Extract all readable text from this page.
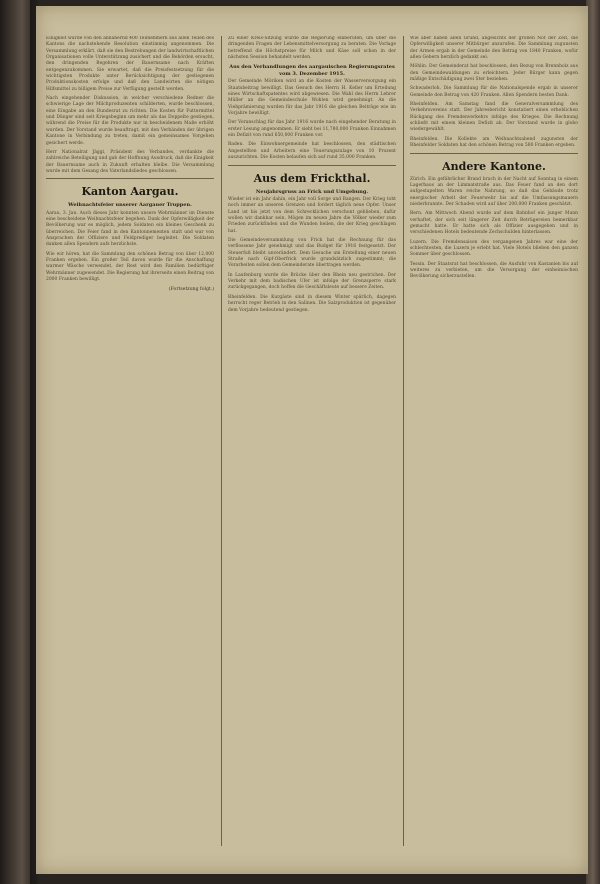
Einigkeit wurde von den annähernd 400 Teilnehmern aus allen Teilen des Kantons die nachstehende Resolution einstimmig angenommen. Die Versammlung erklärt, daß sie den Bestrebungen der landwirtschaftlichen Organisationen volle Unterstützung zusichert und die Behörden ersucht, den dringenden Begehren der Bauernsame nach Kräften entgegenzukommen. Sie erwartet, daß die Preisfestsetzung für die wichtigsten Produkte unter Berücksichtigung der gestiegenen Produktionskosten erfolge und daß den Landwirten die nötigen Hilfsmittel zu billigem Preise zur Verfügung gestellt werden.

Nach eingehender Diskussion, in welcher verschiedene Redner die schwierige Lage der Milchproduzenten schilderten, wurde beschlossen, eine Eingabe an den Bundesrat zu richten. Die Kosten für Futtermittel und Dünger sind seit Kriegsbeginn um mehr als das Doppelte gestiegen, während die Preise für die Produkte nur in bescheidenem Maße erhöht wurden. Der Vorstand wurde beauftragt, mit den Verbänden der übrigen Kantone in Verbindung zu treten, damit ein gemeinsames Vorgehen gesichert werde.

Herr Nationalrat Jäggi, Präsident des Verbandes, verdankte die zahlreiche Beteiligung und gab der Hoffnung Ausdruck, daß die Einigkeit der Bauernsame auch in Zukunft erhalten bleibe. Die Versammlung wurde mit dem Gesang des Vaterlandsliedes geschlossen.

Kanton Aargau.
Weihnachtsfeier unserer Aargauer Truppen.

Aarau, 3. Jan. Auch dieses Jahr konnten unsere Wehrmänner im Dienste eine bescheidene Weihnachtsfeier begehen. Dank der Opferwilligkeit der Bevölkerung war es möglich, jedem Soldaten ein kleines Geschenk zu überreichen. Die Feier fand in den Kantonnementen statt und war von Ansprachen der Offiziere und Feldprediger begleitet. Die Soldaten danken allen Spendern aufs herzlichste.

Wie wir hören, hat die Sammlung den schönen Betrag von über 12,000 Franken ergeben. Ein großer Teil davon wurde für die Anschaffung warmer Wäsche verwendet, der Rest wird den Familien bedürftiger Wehrmänner zugewendet. Die Regierung hat ihrerseits einen Beitrag von 2000 Franken bewilligt.

(Fortsetzung folgt.)

Zu einer Kreis-Sitzung wurde die Regierung einberufen, um über die dringenden Fragen der Lebensmittelversorgung zu beraten. Die Vorlage betreffend die Höchstpreise für Milch und Käse soll schon in der nächsten Session behandelt werden.

Aus den Verhandlungen des aargauischen Regierungsrates vom 3. Dezember 1915.

Der Gemeinde Möriken wird an die Kosten der Wasserversorgung ein Staatsbeitrag bewilligt. Das Gesuch des Herrn H. Keller um Erteilung eines Wirtschaftspatentes wird abgewiesen. Die Wahl des Herrn Lehrer Müller an die Gemeindeschule Wohlen wird genehmigt. An die Viehprämierung wurden für das Jahr 1916 die gleichen Beiträge wie im Vorjahre bewilligt.

Der Voranschlag für das Jahr 1916 wurde nach eingehender Beratung in erster Lesung angenommen. Er sieht bei 11,780,000 Franken Einnahmen ein Defizit von rund 650,000 Franken vor.

Baden. Die Einwohnergemeinde hat beschlossen, den städtischen Angestellten und Arbeitern eine Teuerungszulage von 10 Prozent auszurichten. Die Kosten belaufen sich auf rund 35,000 Franken.

Aus dem Frickthal.
Neujahrsgruss an Frick und Umgebung.

Wieder ist ein Jahr dahin, ein Jahr voll Sorge und Bangen. Der Krieg tobt noch immer an unseren Grenzen und fordert täglich neue Opfer. Unser Land ist bis jetzt von dem Schrecklichen verschont geblieben, dafür wollen wir dankbar sein. Mögen im neuen Jahre die Völker wieder zum Frieden zurückfinden und die Wunden heilen, die der Krieg geschlagen hat.

Die Gemeindeversammlung von Frick hat die Rechnung für das verflossene Jahr genehmigt und das Budget für 1916 festgesetzt. Der Steuerfuß bleibt unverändert. Dem Gesuche um Erstellung einer neuen Straße nach Gipf-Oberfrick wurde grundsätzlich zugestimmt; die Vorarbeiten sollen dem Gemeinderate übertragen werden.

In Laufenburg wurde die Brücke über den Rhein neu gestrichen. Der Verkehr mit dem badischen Ufer ist infolge der Grenzsperre stark zurückgegangen, doch hoffen die Geschäftsleute auf bessere Zeiten.

Rheinfelden. Die Kurgäste sind in diesem Winter spärlich, dagegen herrscht reger Betrieb in den Salinen. Die Salzproduktion ist gegenüber dem Vorjahre bedeutend gestiegen.

Wie aber haben allen Grund, angesichts der großen Not der Zeit, die Opferwilligkeit unserer Mitbürger anzurufen. Die Sammlung zugunsten der Armen ergab in der Gemeinde den Betrag von 1840 Franken, wofür allen Gebern herzlich gedankt sei.

Möhlin. Der Gemeinderat hat beschlossen, den Bezug von Brennholz aus den Gemeindewaldungen zu erleichtern. Jeder Bürger kann gegen mäßige Entschädigung zwei Ster beziehen.

Schwaderloh. Die Sammlung für die Nationalspende ergab in unserer Gemeinde den Betrag von 420 Franken. Allen Spendern besten Dank.

Rheinfelden. Am Samstag fand die Generalversammlung des Verkehrsvereins statt. Der Jahresbericht konstatiert einen erheblichen Rückgang des Fremdenverkehrs infolge des Krieges. Die Rechnung schließt mit einem kleinen Defizit ab. Der Vorstand wurde in globo wiedergewählt.

Rheinfelden. Die Kollekte am Weihnachtsabend zugunsten der Rheinfelder Soldaten hat den schönen Betrag von 580 Franken ergeben.

Andere Kantone.

Zürich. Ein gefährlicher Brand brach in der Nacht auf Sonntag in einem Lagerhaus an der Limmatstraße aus. Das Feuer fand an den dort aufgestapelten Waren reiche Nahrung, so daß das Gebäude trotz energischer Arbeit der Feuerwehr bis auf die Umfassungsmauern niederbrannte. Der Schaden wird auf über 200,000 Franken geschätzt.

Bern. Am Mittwoch Abend wurde auf dem Bahnhof ein junger Mann verhaftet, der sich seit längerer Zeit durch Betrügereien bemerkbar gemacht hatte. Er hatte sich als Offizier ausgegeben und in verschiedenen Hotels bedeutende Zechschulden hinterlassen.

Luzern. Die Fremdensaison des vergangenen Jahres war eine der schlechtesten, die Luzern je erlebt hat. Viele Hotels blieben den ganzen Sommer über geschlossen.

Tessin. Der Staatsrat hat beschlossen, die Ausfuhr von Kastanien bis auf weiteres zu verbieten, um die Versorgung der einheimischen Bevölkerung sicherzustellen.
